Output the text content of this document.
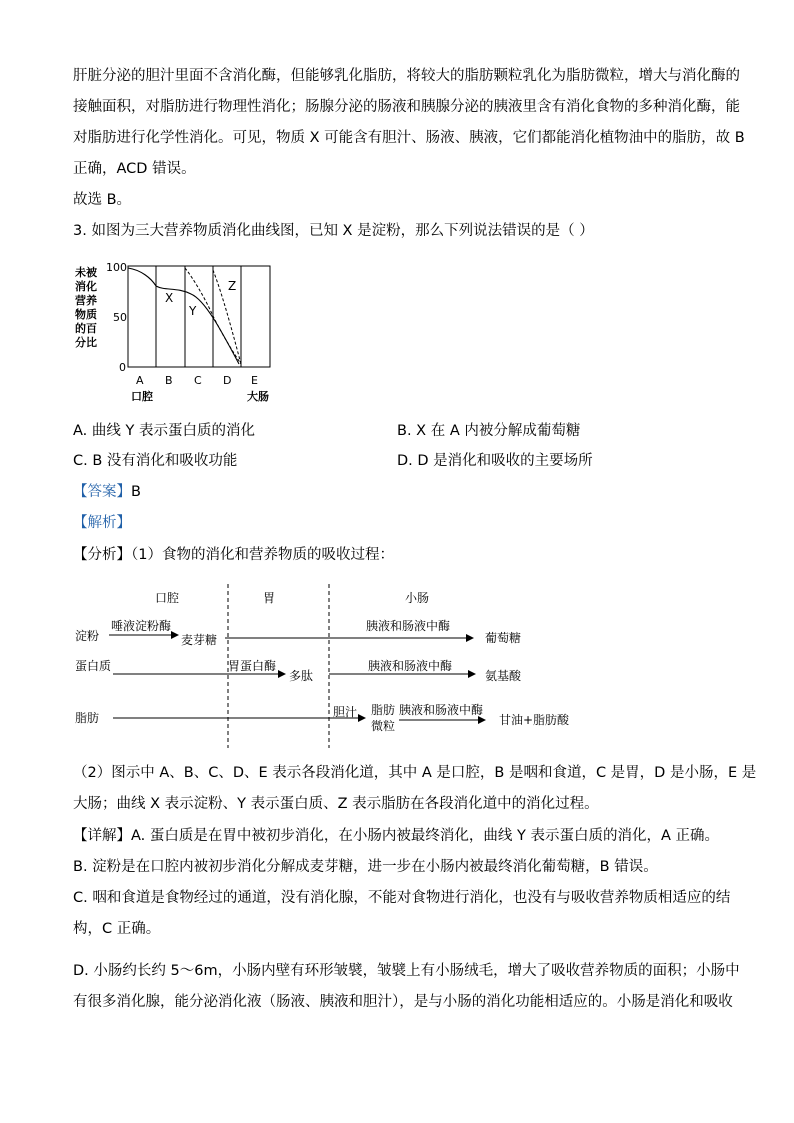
肝脏分泌的胆汁里面不含消化酶，但能够乳化脂肪，将较大的脂肪颗粒乳化为脂肪微粒，增大与消化酶的
接触面积，对脂肪进行物理性消化；肠腺分泌的肠液和胰腺分泌的胰液里含有消化食物的多种消化酶，能
对脂肪进行化学性消化。可见，物质 X 可能含有胆汁、肠液、胰液，它们都能消化植物油中的脂肪，故 B
正确，ACD 错误。
故选 B。
3. 如图为三大营养物质消化曲线图，已知 X 是淀粉，那么下列说法错误的是（ ）
未被
消化
营养
物质
的百
分比
100
50
0
X
Y
Z
A B C D E
口腔	大肠
A. 曲线 Y 表示蛋白质的消化	B. X 在 A 内被分解成葡萄糖
C. B 没有消化和吸收功能	D. D 是消化和吸收的主要场所
【答案】B
【解析】
【分析】（1）食物的消化和营养物质的吸收过程：
口腔	胃	小肠
淀粉
唾液淀粉酶
麦芽糖
胰液和肠液中酶
葡萄糖
蛋白质	胃蛋白酶
多肽
胰液和肠液中酶
氨基酸
脂肪	胆汁 脂肪
微粒
胰液和肠液中酶
甘油+脂肪酸
（2）图示中 A、B、C、D、E 表示各段消化道，其中 A 是口腔，B 是咽和食道，C 是胃，D 是小肠，E 是
大肠；曲线 X 表示淀粉、Y 表示蛋白质、Z 表示脂肪在各段消化道中的消化过程。
【详解】A. 蛋白质是在胃中被初步消化，在小肠内被最终消化，曲线 Y 表示蛋白质的消化，A 正确。
B. 淀粉是在口腔内被初步消化分解成麦芽糖，进一步在小肠内被最终消化葡萄糖，B 错误。
C. 咽和食道是食物经过的通道，没有消化腺，不能对食物进行消化，也没有与吸收营养物质相适应的结
构，C 正确。
D. 小肠约长约 5～6m，小肠内壁有环形皱襞，皱襞上有小肠绒毛，增大了吸收营养物质的面积；小肠中
有很多消化腺，能分泌消化液（肠液、胰液和胆汁），是与小肠的消化功能相适应的。小肠是消化和吸收
